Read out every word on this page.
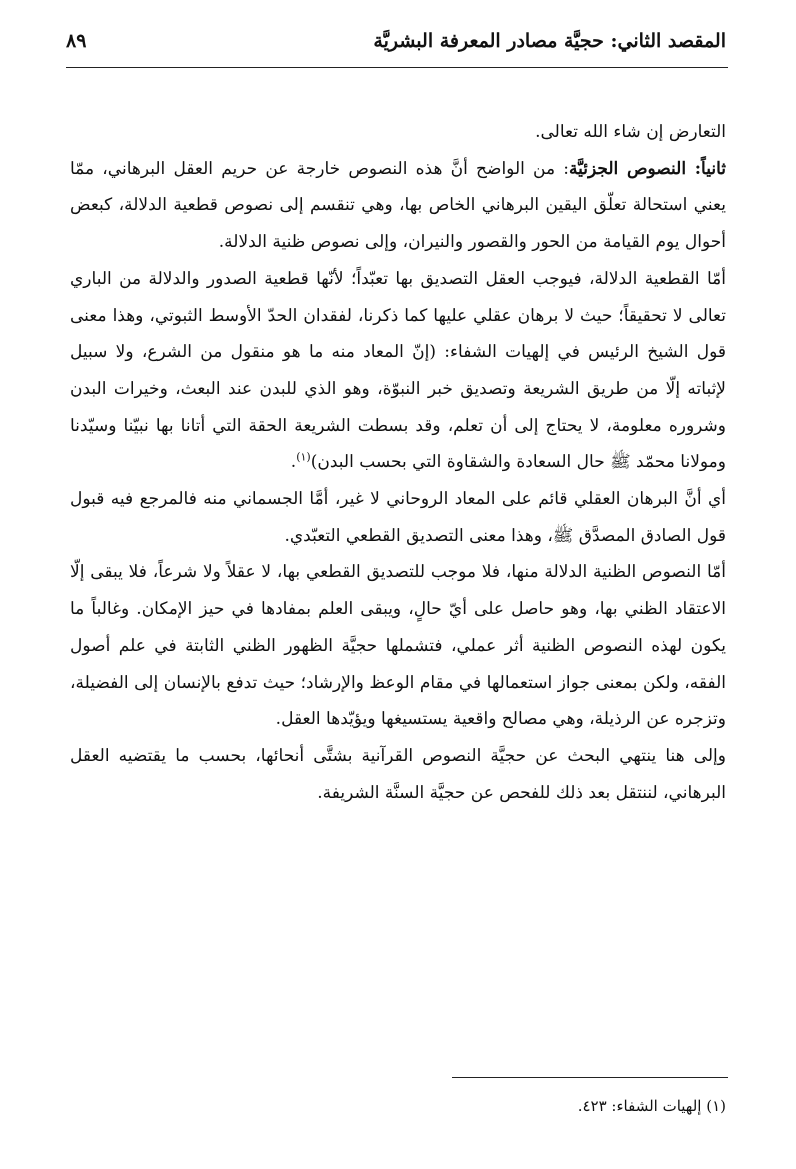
المقصد الثاني: حجيَّة مصادر المعرفة البشريَّة
٨٩

التعارض إن شاء الله تعالى.

ثانياً: النصوص الجزئيَّة: من الواضح أنَّ هذه النصوص خارجة عن حريم العقل البرهاني، ممّا يعني استحالة تعلّق اليقين البرهاني الخاص بها، وهي تنقسم إلى نصوص قطعية الدلالة، كبعض أحوال يوم القيامة من الحور والقصور والنيران، وإلى نصوص ظنية الدلالة.

أمّا القطعية الدلالة، فيوجب العقل التصديق بها تعبّداً؛ لأنّها قطعية الصدور والدلالة من الباري تعالى لا تحقيقاً؛ حيث لا برهان عقلي عليها كما ذكرنا، لفقدان الحدّ الأوسط الثبوتي، وهذا معنى قول الشيخ الرئيس في إلهيات الشفاء: (إنّ المعاد منه ما هو منقول من الشرع، ولا سبيل لإثباته إلّا من طريق الشريعة وتصديق خبر النبوّة، وهو الذي للبدن عند البعث، وخيرات البدن وشروره معلومة، لا يحتاج إلى أن تعلم، وقد بسطت الشريعة الحقة التي أتانا بها نبيّنا وسيّدنا ومولانا محمّد ﷺ حال السعادة والشقاوة التي بحسب البدن)$^{(١)}$.

أي أنَّ البرهان العقلي قائم على المعاد الروحاني لا غير، أمَّا الجسماني منه فالمرجع فيه قبول قول الصادق المصدَّق ﷺ، وهذا معنى التصديق القطعي التعبّدي.

أمّا النصوص الظنية الدلالة منها، فلا موجب للتصديق القطعي بها، لا عقلاً ولا شرعاً، فلا يبقى إلّا الاعتقاد الظني بها، وهو حاصل على أيّ حالٍ، ويبقى العلم بمفادها في حيز الإمكان. وغالباً ما يكون لهذه النصوص الظنية أثر عملي، فتشملها حجيَّة الظهور الظني الثابتة في علم أصول الفقه، ولكن بمعنى جواز استعمالها في مقام الوعظ والإرشاد؛ حيث تدفع بالإنسان إلى الفضيلة، وتزجره عن الرذيلة، وهي مصالح واقعية يستسيغها ويؤيّدها العقل.

وإلى هنا ينتهي البحث عن حجيَّة النصوص القرآنية بشتَّى أنحائها، بحسب ما يقتضيه العقل البرهاني، لننتقل بعد ذلك للفحص عن حجيَّة السنَّة الشريفة.

(١) إلهيات الشفاء: ٤٢٣.
